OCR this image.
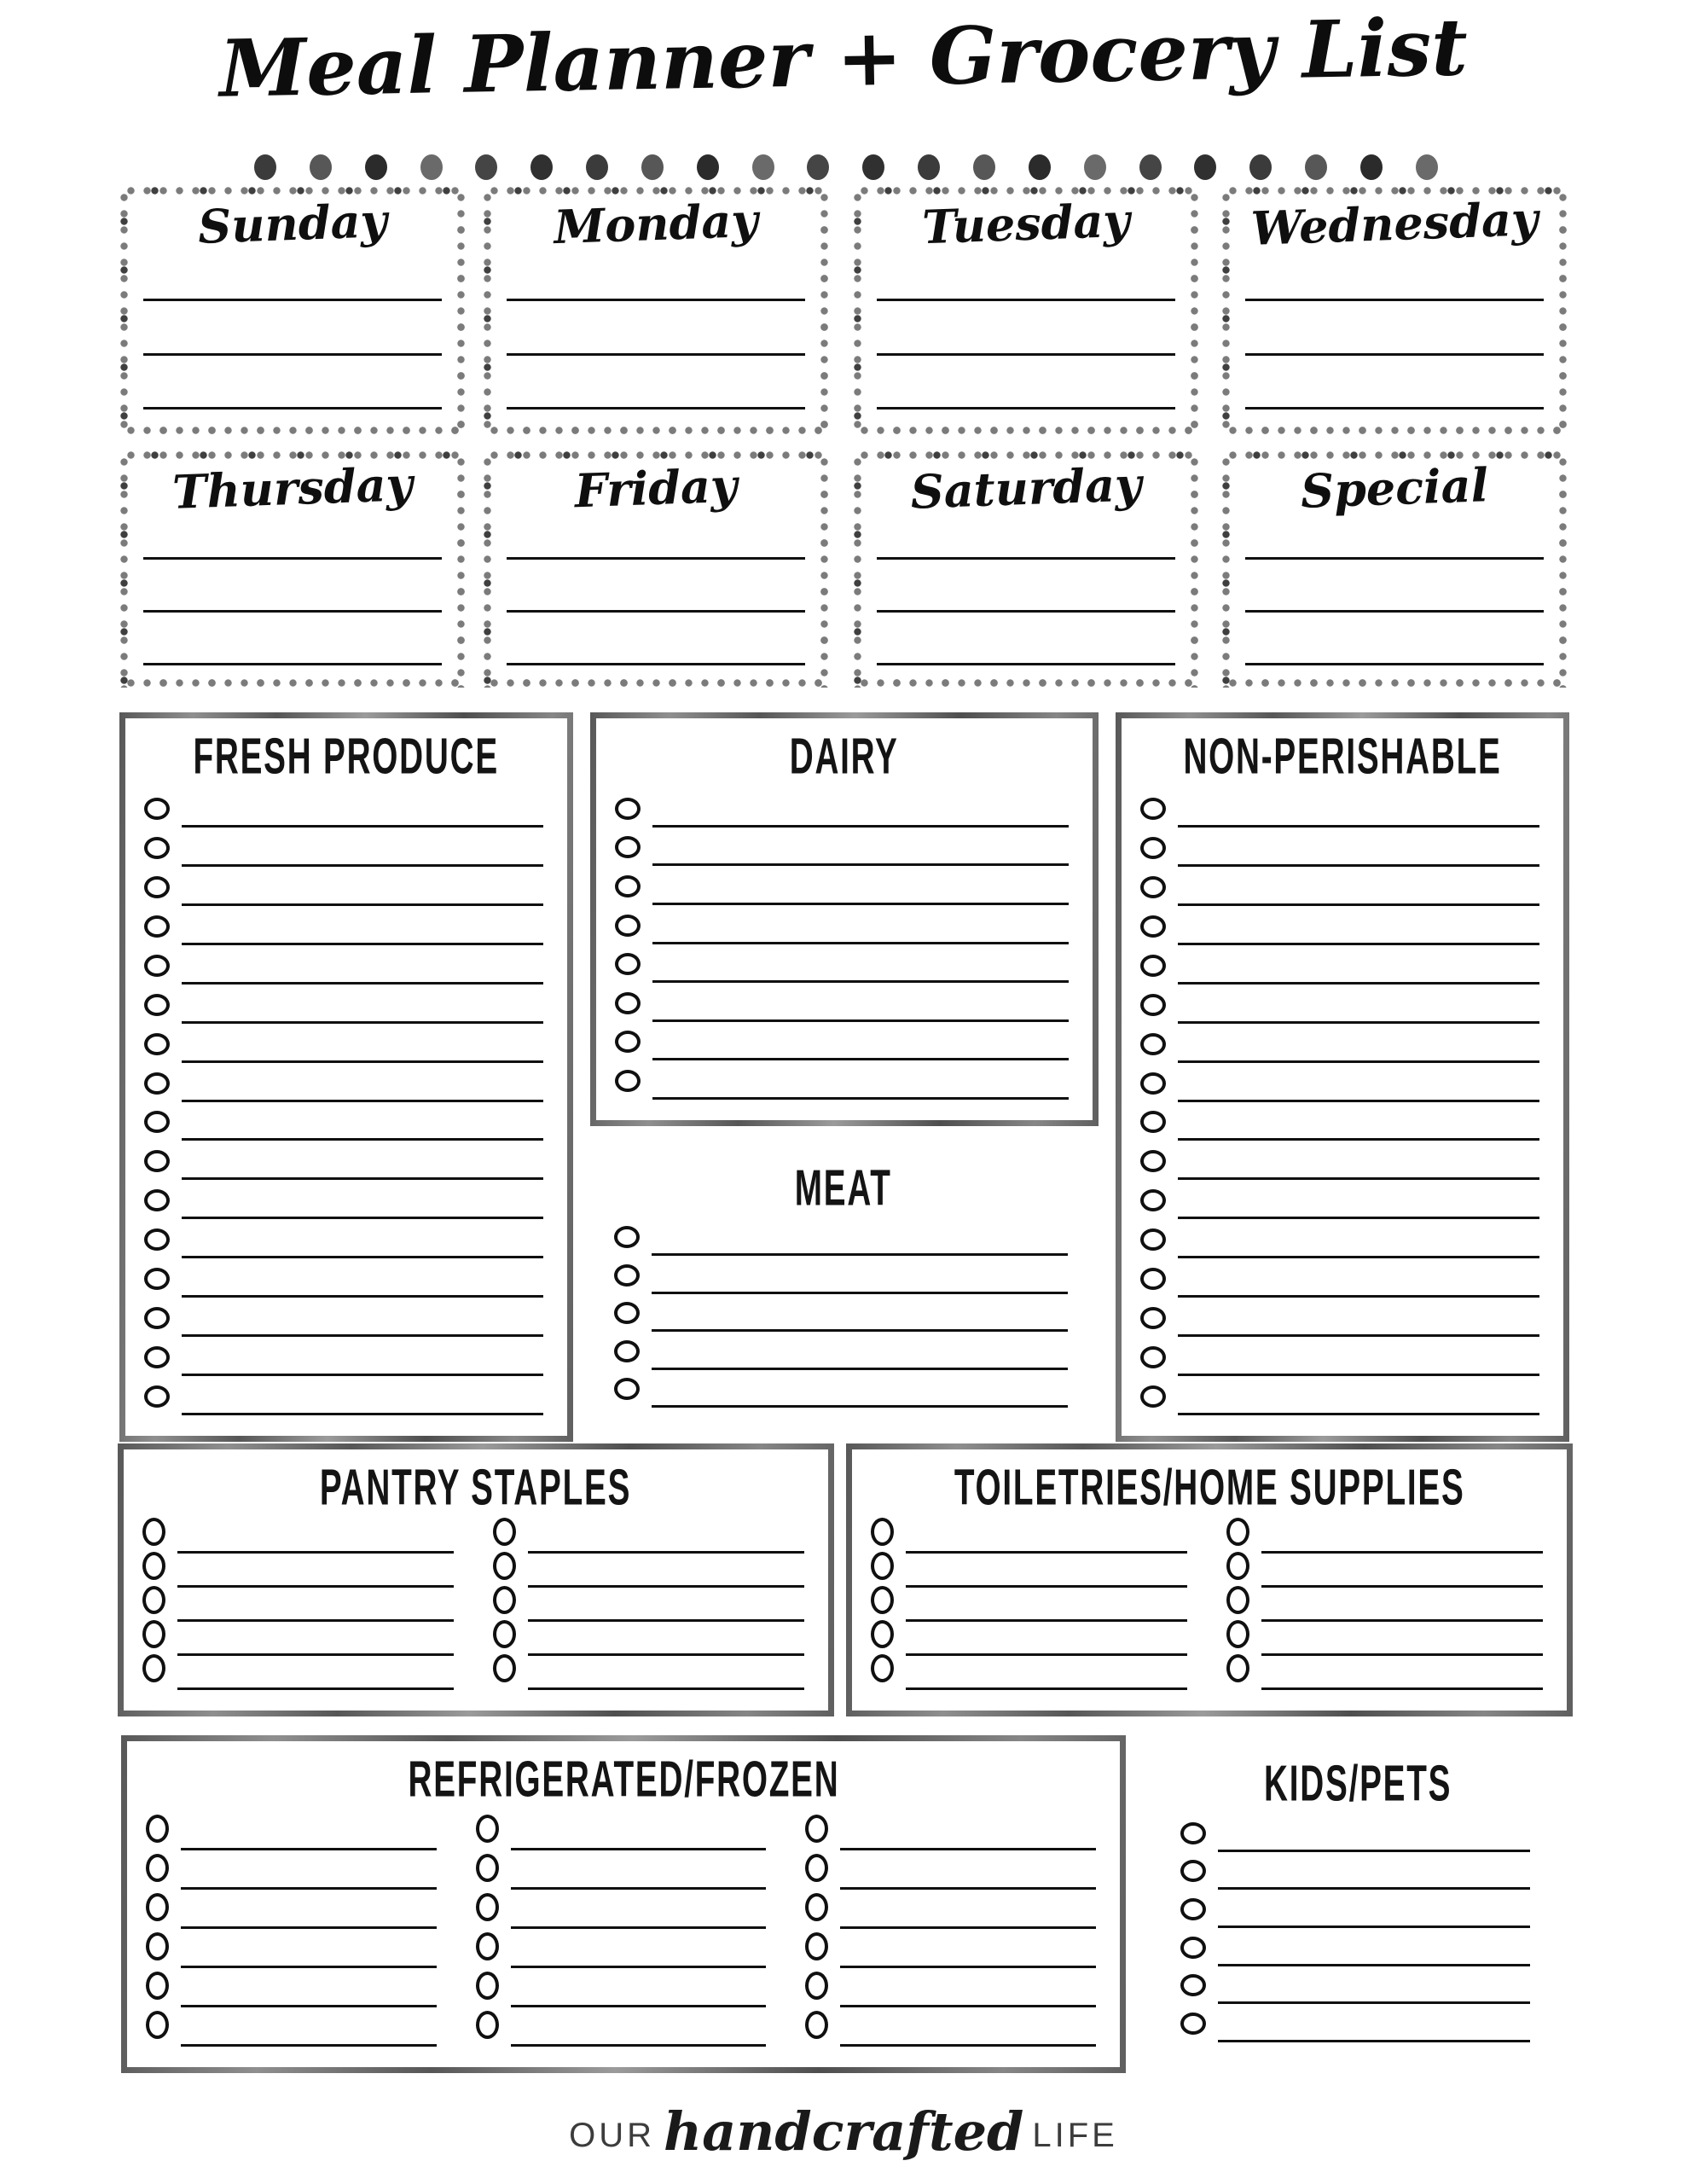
Meal Planner + Grocery List
Sunday	Monday	Tuesday	Wednesday
Thursday	Friday	Saturday	Special
FRESH PRODUCE	DAIRY
MEAT
NON-PERISHABLE
PANTRY STAPLES	TOILETRIES/HOME SUPPLIES
REFRIGERATED/FROZEN	KIDS/PETS
OUR handcrafted LIFE
